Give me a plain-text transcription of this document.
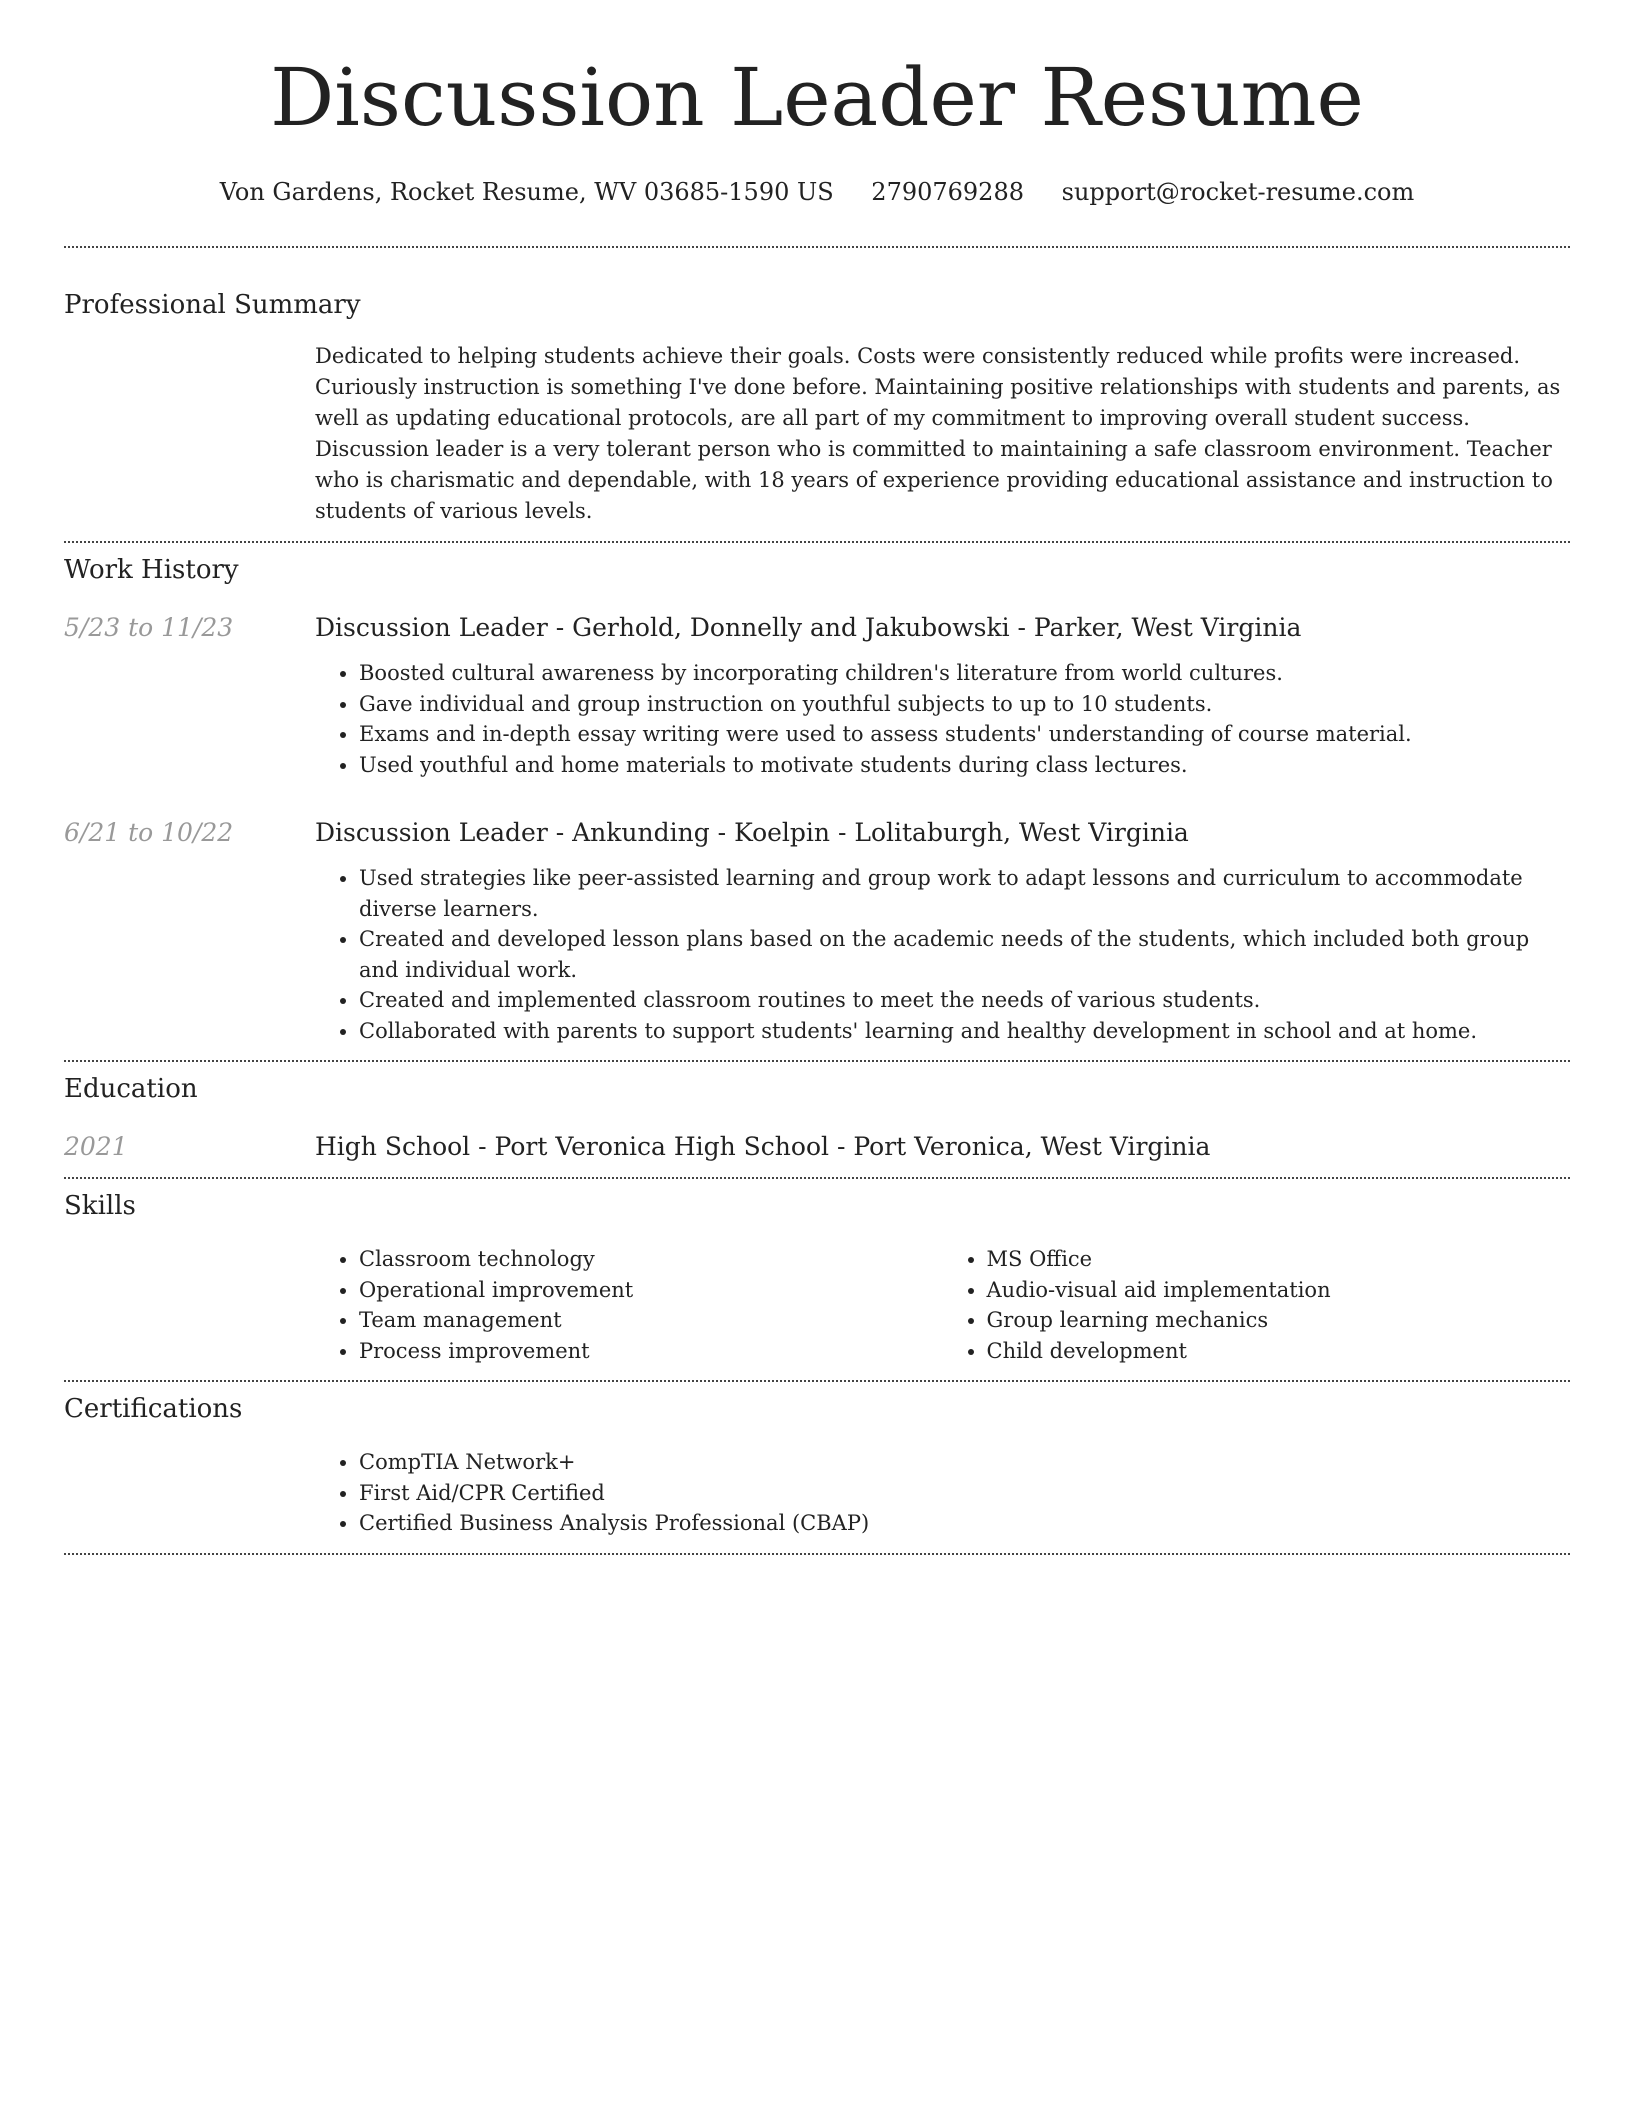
Discussion Leader Resume
Von Gardens, Rocket Resume, WV 03685-1590 US 2790769288 support@rocket-resume.com
Professional Summary

Dedicated to helping students achieve their goals. Costs were consistently reduced while profits were increased. Curiously instruction is something I've done before. Maintaining positive relationships with students and parents, as well as updating educational protocols, are all part of my commitment to improving overall student success. Discussion leader is a very tolerant person who is committed to maintaining a safe classroom environment. Teacher who is charismatic and dependable, with 18 years of experience providing educational assistance and instruction to students of various levels.

Work History
5/23 to 11/23	Discussion Leader - Gerhold, Donnelly and Jakubowski - Parker, West Virginia

• Boosted cultural awareness by incorporating children's literature from world cultures.
• Gave individual and group instruction on youthful subjects to up to 10 students.
• Exams and in-depth essay writing were used to assess students' understanding of course material.
• Used youthful and home materials to motivate students during class lectures.
6/21 to 10/22	Discussion Leader - Ankunding - Koelpin - Lolitaburgh, West Virginia

• Used strategies like peer-assisted learning and group work to adapt lessons and curriculum to accommodate diverse learners.
• Created and developed lesson plans based on the academic needs of the students, which included both group and individual work.
• Created and implemented classroom routines to meet the needs of various students.
• Collaborated with parents to support students' learning and healthy development in school and at home.
Education
2021	High School - Port Veronica High School - Port Veronica, West Virginia

Skills
• Classroom technology
• Operational improvement
• Team management
• Process improvement
• MS Office
• Audio-visual aid implementation
• Group learning mechanics
• Child development
Certifications
• CompTIA Network+
• First Aid/CPR Certified
• Certified Business Analysis Professional (CBAP)
